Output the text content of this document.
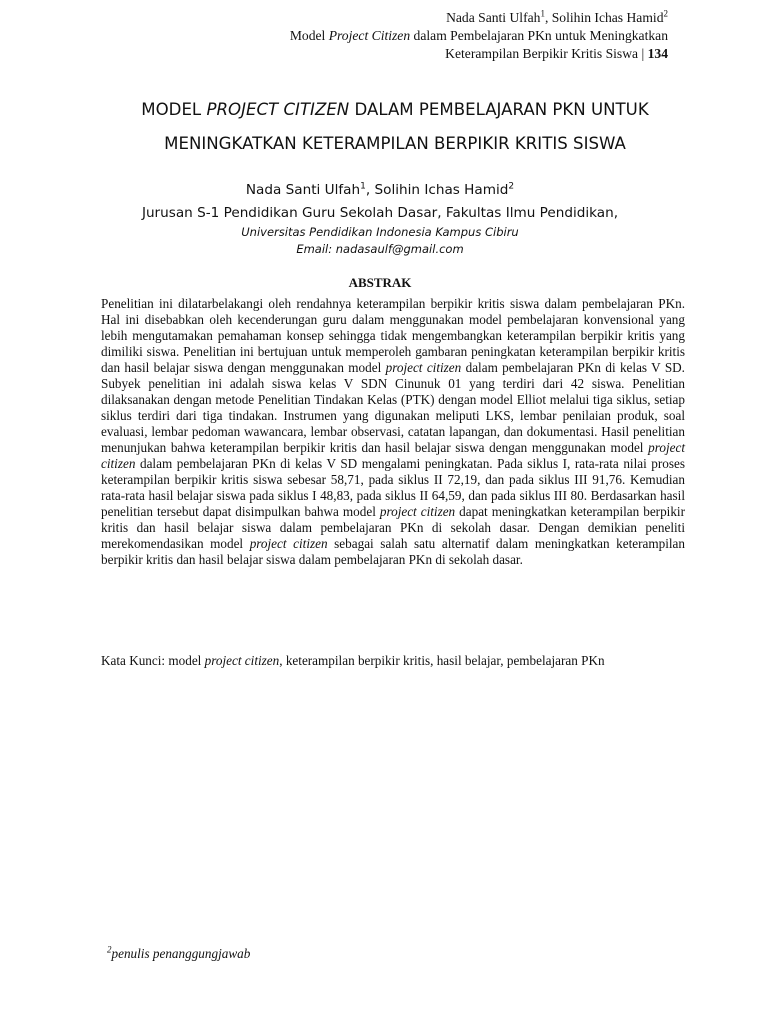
Nada Santi Ulfah$^1$, Solihin Ichas Hamid$^2$
Model Project Citizen dalam Pembelajaran PKn untuk Meningkatkan
Keterampilan Berpikir Kritis Siswa | 134
MODEL PROJECT CITIZEN DALAM PEMBELAJARAN PKN UNTUK
MENINGKATKAN KETERAMPILAN BERPIKIR KRITIS SISWA
Nada Santi Ulfah$^1$, Solihin Ichas Hamid$^2$
Jurusan S-1 Pendidikan Guru Sekolah Dasar, Fakultas Ilmu Pendidikan,
Universitas Pendidikan Indonesia Kampus Cibiru
Email: nadasaulf@gmail.com
ABSTRAK

Penelitian ini dilatarbelakangi oleh rendahnya keterampilan berpikir kritis siswa dalam pembelajaran PKn. Hal ini disebabkan oleh kecenderungan guru dalam menggunakan model pembelajaran konvensional yang lebih mengutamakan pemahaman konsep sehingga tidak mengembangkan keterampilan berpikir kritis yang dimiliki siswa. Penelitian ini bertujuan untuk memperoleh gambaran peningkatan keterampilan berpikir kritis dan hasil belajar siswa dengan menggunakan model project citizen dalam pembelajaran PKn di kelas V SD. Subyek penelitian ini adalah siswa kelas V SDN Cinunuk 01 yang terdiri dari 42 siswa. Penelitian dilaksanakan dengan metode Penelitian Tindakan Kelas (PTK) dengan model Elliot melalui tiga siklus, setiap siklus terdiri dari tiga tindakan. Instrumen yang digunakan meliputi LKS, lembar penilaian produk, soal evaluasi, lembar pedoman wawancara, lembar observasi, catatan lapangan, dan dokumentasi. Hasil penelitian menunjukan bahwa keterampilan berpikir kritis dan hasil belajar siswa dengan menggunakan model project citizen dalam pembelajaran PKn di kelas V SD mengalami peningkatan. Pada siklus I, rata-rata nilai proses keterampilan berpikir kritis siswa sebesar 58,71, pada siklus II 72,19, dan pada siklus III 91,76. Kemudian rata-rata hasil belajar siswa pada siklus I 48,83, pada siklus II 64,59, dan pada siklus III 80. Berdasarkan hasil penelitian tersebut dapat disimpulkan bahwa model project citizen dapat meningkatkan keterampilan berpikir kritis dan hasil belajar siswa dalam pembelajaran PKn di sekolah dasar. Dengan demikian peneliti merekomendasikan model project citizen sebagai salah satu alternatif dalam meningkatkan keterampilan berpikir kritis dan hasil belajar siswa dalam pembelajaran PKn di sekolah dasar.

Kata Kunci: model project citizen, keterampilan berpikir kritis, hasil belajar, pembelajaran PKn

$^2$penulis penanggungjawab
